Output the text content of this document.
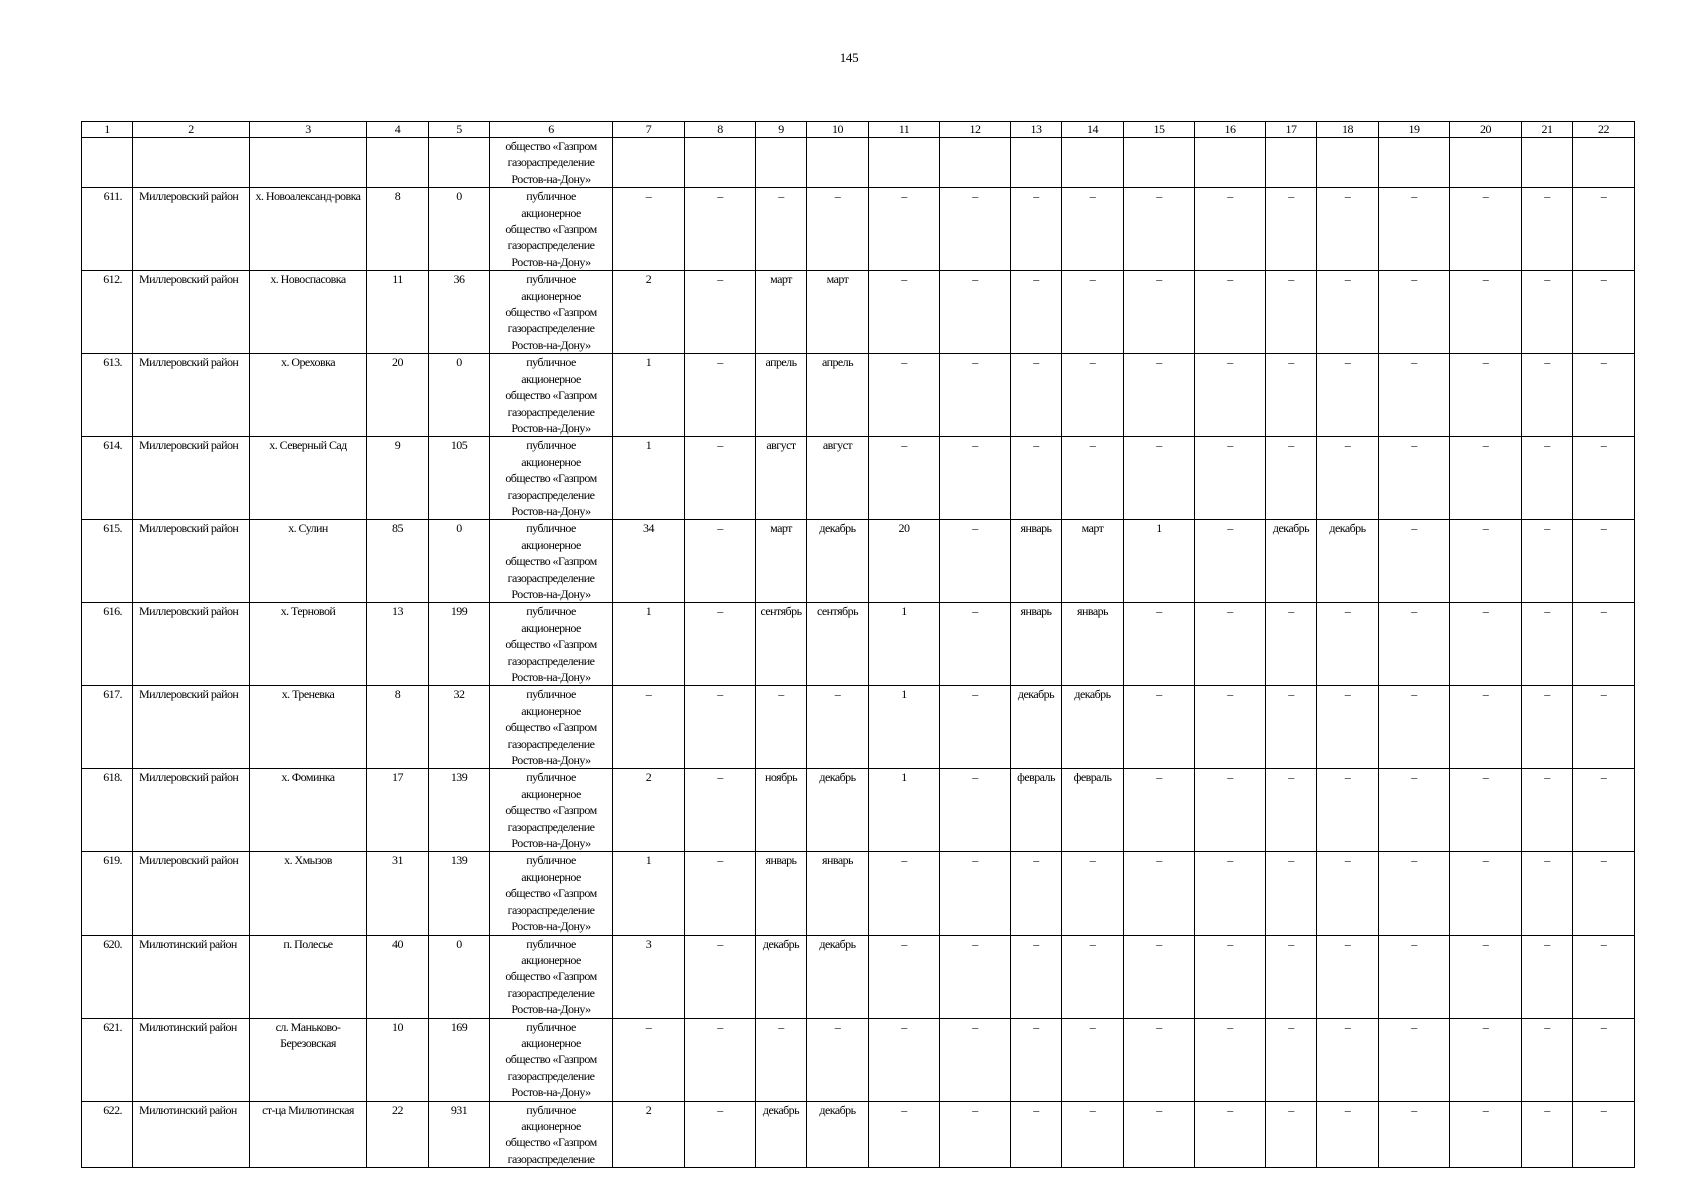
145
1	2	3	4	5	6	7	8	9	10	11	12	13	14	15	16	17	18	19	20	21	22

					общество «Газпром
газораспределение
Ростов-на-Дону»																

611.	Миллеровский район	х. Новоалександ-ровка	8	0	публичное
акционерное
общество «Газпром
газораспределение
Ростов-на-Дону»	–	–	–	–	–	–	–	–	–	–	–	–	–	–	–	–
612.	Миллеровский район	х. Новоспасовка	11	36	публичное
акционерное
общество «Газпром
газораспределение
Ростов-на-Дону»	2	–	март	март	–	–	–	–	–	–	–	–	–	–	–	–
613.	Миллеровский район	х. Ореховка	20	0	публичное
акционерное
общество «Газпром
газораспределение
Ростов-на-Дону»	1	–	апрель	апрель	–	–	–	–	–	–	–	–	–	–	–	–
614.	Миллеровский район	х. Северный Сад	9	105	публичное
акционерное
общество «Газпром
газораспределение
Ростов-на-Дону»	1	–	август	август	–	–	–	–	–	–	–	–	–	–	–	–
615.	Миллеровский район	х. Сулин	85	0	публичное
акционерное
общество «Газпром
газораспределение
Ростов-на-Дону»	34	–	март	декабрь	20	–	январь	март	1	–	декабрь	декабрь	–	–	–	–
616.	Миллеровский район	х. Терновой	13	199	публичное
акционерное
общество «Газпром
газораспределение
Ростов-на-Дону»	1	–	сентябрь	сентябрь	1	–	январь	январь	–	–	–	–	–	–	–	–
617.	Миллеровский район	х. Треневка	8	32	публичное
акционерное
общество «Газпром
газораспределение
Ростов-на-Дону»	–	–	–	–	1	–	декабрь	декабрь	–	–	–	–	–	–	–	–
618.	Миллеровский район	х. Фоминка	17	139	публичное
акционерное
общество «Газпром
газораспределение
Ростов-на-Дону»	2	–	ноябрь	декабрь	1	–	февраль	февраль	–	–	–	–	–	–	–	–
619.	Миллеровский район	х. Хмызов	31	139	публичное
акционерное
общество «Газпром
газораспределение
Ростов-на-Дону»	1	–	январь	январь	–	–	–	–	–	–	–	–	–	–	–	–
620.	Милютинский район	п. Полесье	40	0	публичное
акционерное
общество «Газпром
газораспределение
Ростов-на-Дону»	3	–	декабрь	декабрь	–	–	–	–	–	–	–	–	–	–	–	–
621.	Милютинский район	сл. Маньково-Березовская	10	169	публичное
акционерное
общество «Газпром
газораспределение
Ростов-на-Дону»	–	–	–	–	–	–	–	–	–	–	–	–	–	–	–	–
622.	Милютинский район	ст-ца Милютинская	22	931	публичное
акционерное
общество «Газпром
газораспределение	2	–	декабрь	декабрь	–	–	–	–	–	–	–	–	–	–	–	–
